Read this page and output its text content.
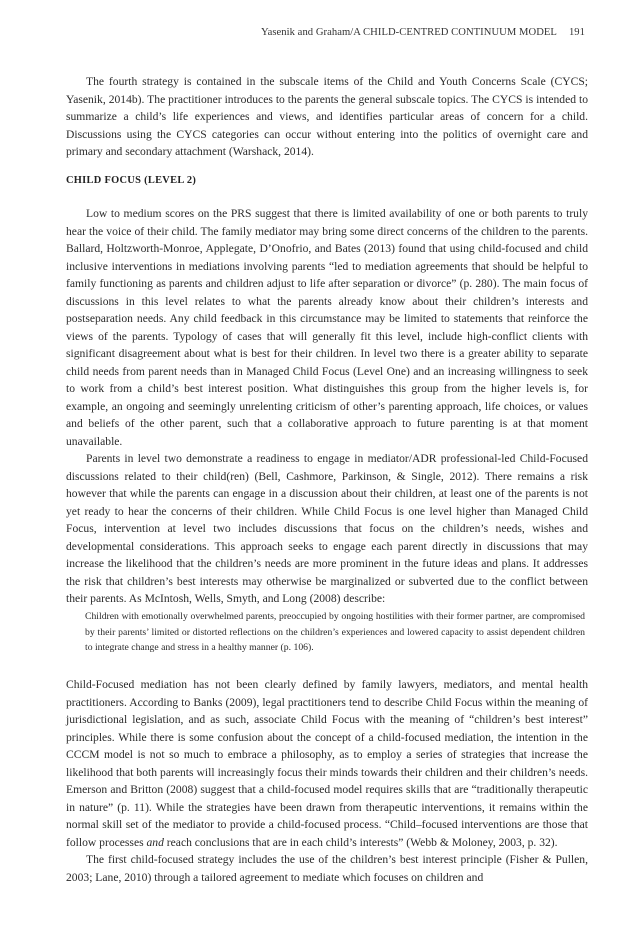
Yasenik and Graham/A CHILD-CENTRED CONTINUUM MODEL 191

The fourth strategy is contained in the subscale items of the Child and Youth Concerns Scale (CYCS; Yasenik, 2014b). The practitioner introduces to the parents the general subscale topics. The CYCS is intended to summarize a child’s life experiences and views, and identifies particular areas of concern for a child. Discussions using the CYCS categories can occur without entering into the politics of overnight care and primary and secondary attachment (Warshack, 2014).

CHILD FOCUS (LEVEL 2)

Low to medium scores on the PRS suggest that there is limited availability of one or both parents to truly hear the voice of their child. The family mediator may bring some direct concerns of the children to the parents. Ballard, Holtzworth-Monroe, Applegate, D’Onofrio, and Bates (2013) found that using child-focused and child inclusive interventions in mediations involving parents “led to mediation agreements that should be helpful to family functioning as parents and children adjust to life after separation or divorce” (p. 280). The main focus of discussions in this level relates to what the parents already know about their children’s interests and postseparation needs. Any child feedback in this circumstance may be limited to statements that reinforce the views of the parents. Typology of cases that will generally fit this level, include high-conflict clients with significant disagreement about what is best for their children. In level two there is a greater ability to separate child needs from parent needs than in Managed Child Focus (Level One) and an increasing willingness to seek to work from a child’s best interest position. What distinguishes this group from the higher levels is, for example, an ongoing and seemingly unrelenting criticism of other’s parenting approach, life choices, or values and beliefs of the other parent, such that a collaborative approach to future parenting is at that moment unavailable.

Parents in level two demonstrate a readiness to engage in mediator/ADR professional-led Child-Focused discussions related to their child(ren) (Bell, Cashmore, Parkinson, & Single, 2012). There remains a risk however that while the parents can engage in a discussion about their children, at least one of the parents is not yet ready to hear the concerns of their children. While Child Focus is one level higher than Managed Child Focus, intervention at level two includes discussions that focus on the children’s needs, wishes and developmental considerations. This approach seeks to engage each parent directly in discussions that may increase the likelihood that the children’s needs are more prominent in the future ideas and plans. It addresses the risk that children’s best interests may otherwise be marginalized or subverted due to the conflict between their parents. As McIntosh, Wells, Smyth, and Long (2008) describe:

Children with emotionally overwhelmed parents, preoccupied by ongoing hostilities with their former partner, are compromised by their parents’ limited or distorted reflections on the children’s experiences and lowered capacity to assist dependent children to integrate change and stress in a healthy manner (p. 106).

Child-Focused mediation has not been clearly defined by family lawyers, mediators, and mental health practitioners. According to Banks (2009), legal practitioners tend to describe Child Focus within the meaning of jurisdictional legislation, and as such, associate Child Focus with the meaning of “children’s best interest” principles. While there is some confusion about the concept of a child-focused mediation, the intention in the CCCM model is not so much to embrace a philosophy, as to employ a series of strategies that increase the likelihood that both parents will increasingly focus their minds towards their children and their children’s needs. Emerson and Britton (2008) suggest that a child-focused model requires skills that are “traditionally therapeutic in nature” (p. 11). While the strategies have been drawn from therapeutic interventions, it remains within the normal skill set of the mediator to provide a child-focused process. “Child–focused interventions are those that follow processes and reach conclusions that are in each child’s interests” (Webb & Moloney, 2003, p. 32).

The first child-focused strategy includes the use of the children’s best interest principle (Fisher & Pullen, 2003; Lane, 2010) through a tailored agreement to mediate which focuses on children and
